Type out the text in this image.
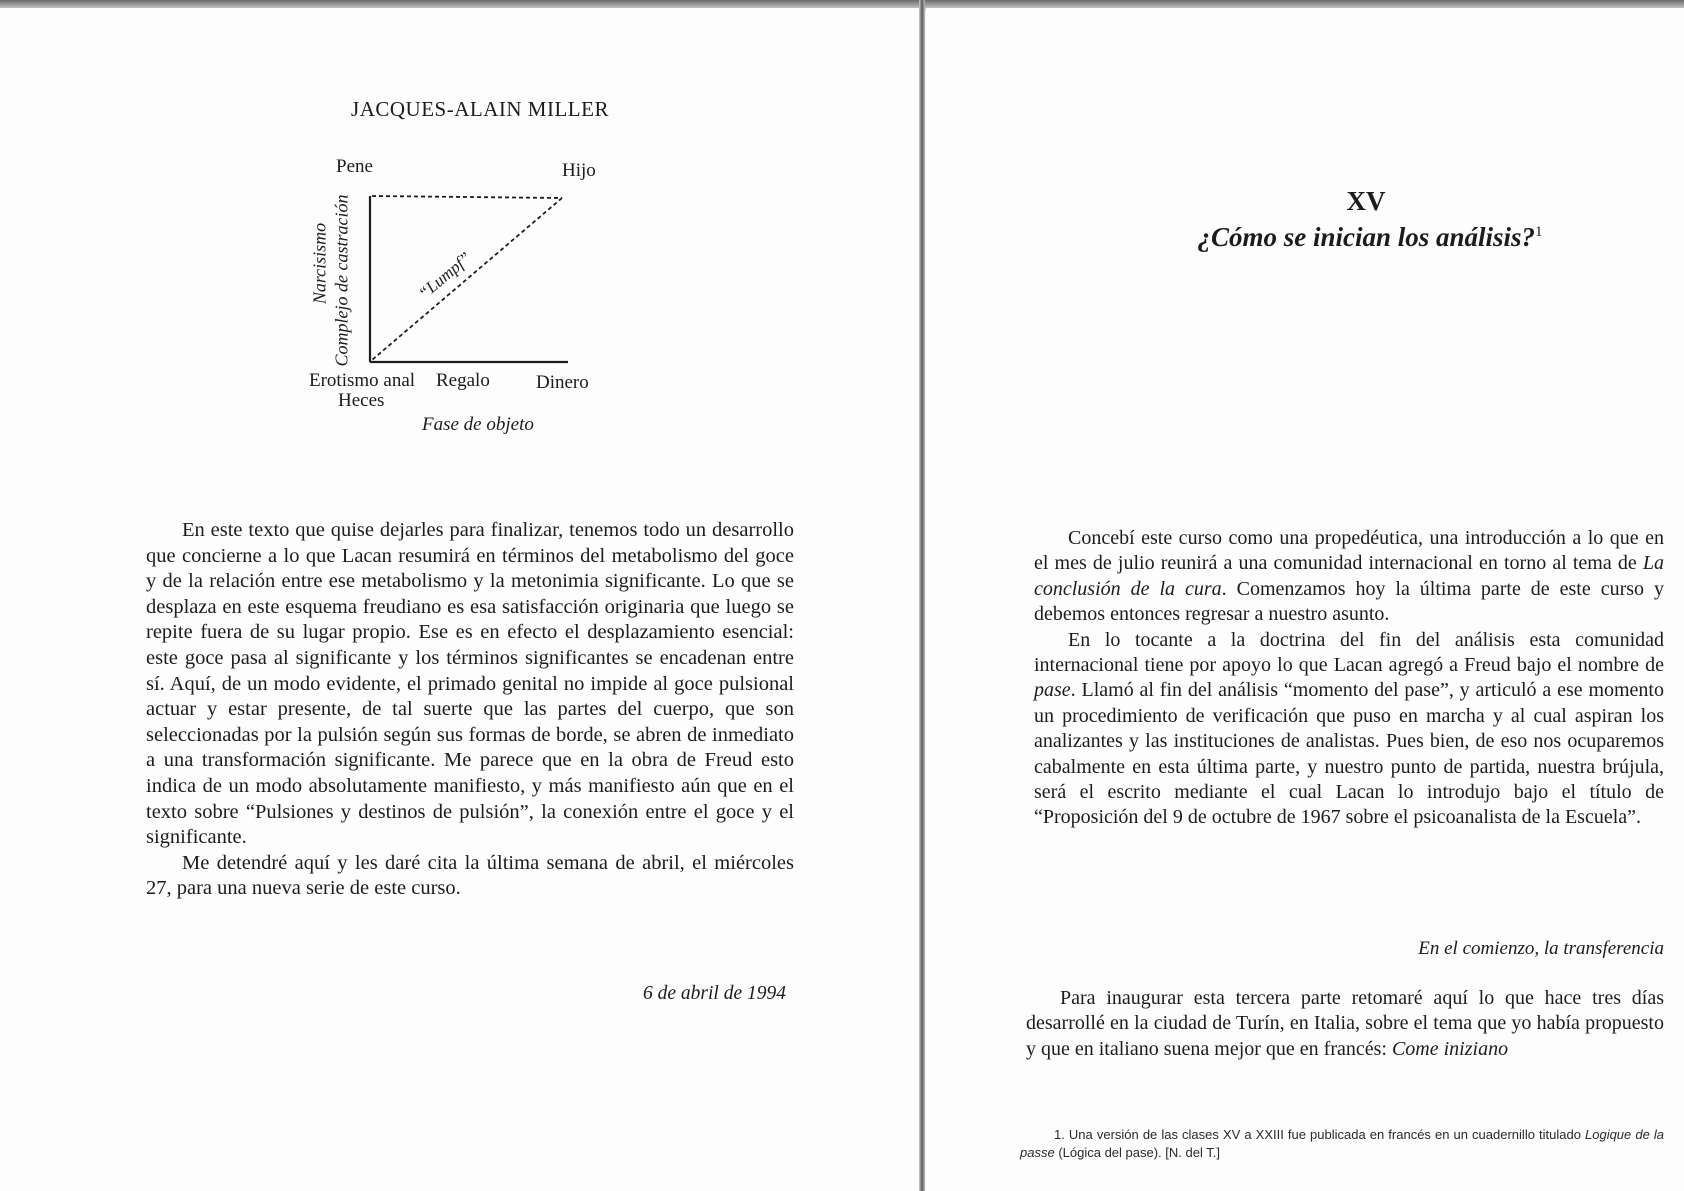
JACQUES-ALAIN MILLER
Pene	Hijo
“Lumpf”
Narcisismo Complejo de castración
Erotismo anal
Heces
Regalo Dinero
Fase de objeto

En este texto que quise dejarles para finalizar, tenemos todo un desarrollo que concierne a lo que Lacan resumirá en términos del metabolismo del goce y de la relación entre ese metabolismo y la metonimia significante. Lo que se desplaza en este esquema freudiano es esa satisfacción originaria que luego se repite fuera de su lugar propio. Ese es en efecto el desplazamiento esencial: este goce pasa al significante y los términos significantes se encadenan entre sí. Aquí, de un modo evidente, el primado genital no impide al goce pulsional actuar y estar presente, de tal suerte que las partes del cuerpo, que son seleccionadas por la pulsión según sus formas de borde, se abren de inmediato a una transformación significante. Me parece que en la obra de Freud esto indica de un modo absolutamente manifiesto, y más manifiesto aún que en el texto sobre “Pulsiones y destinos de pulsión”, la conexión entre el goce y el significante.

Me detendré aquí y les daré cita la última semana de abril, el miércoles 27, para una nueva serie de este curso.

6 de abril de 1994
XV
¿Cómo se inician los análisis?$^1$

Concebí este curso como una propedéutica, una introducción a lo que en el mes de julio reunirá a una comunidad internacional en torno al tema de La conclusión de la cura. Comenzamos hoy la última parte de este curso y debemos entonces regresar a nuestro asunto.

En lo tocante a la doctrina del fin del análisis esta comunidad internacional tiene por apoyo lo que Lacan agregó a Freud bajo el nombre de pase. Llamó al fin del análisis “momento del pase”, y articuló a ese momento un procedimiento de verificación que puso en marcha y al cual aspiran los analizantes y las instituciones de analistas. Pues bien, de eso nos ocuparemos cabalmente en esta última parte, y nuestro punto de partida, nuestra brújula, será el escrito mediante el cual Lacan lo introdujo bajo el título de “Proposición del 9 de octubre de 1967 sobre el psicoanalista de la Escuela”.

En el comienzo, la transferencia

Para inaugurar esta tercera parte retomaré aquí lo que hace tres días desarrollé en la ciudad de Turín, en Italia, sobre el tema que yo había propuesto y que en italiano suena mejor que en francés: Come iniziano

1. Una versión de las clases XV a XXIII fue publicada en francés en un cuadernillo titulado Logique de la passe (Lógica del pase). [N. del T.]
